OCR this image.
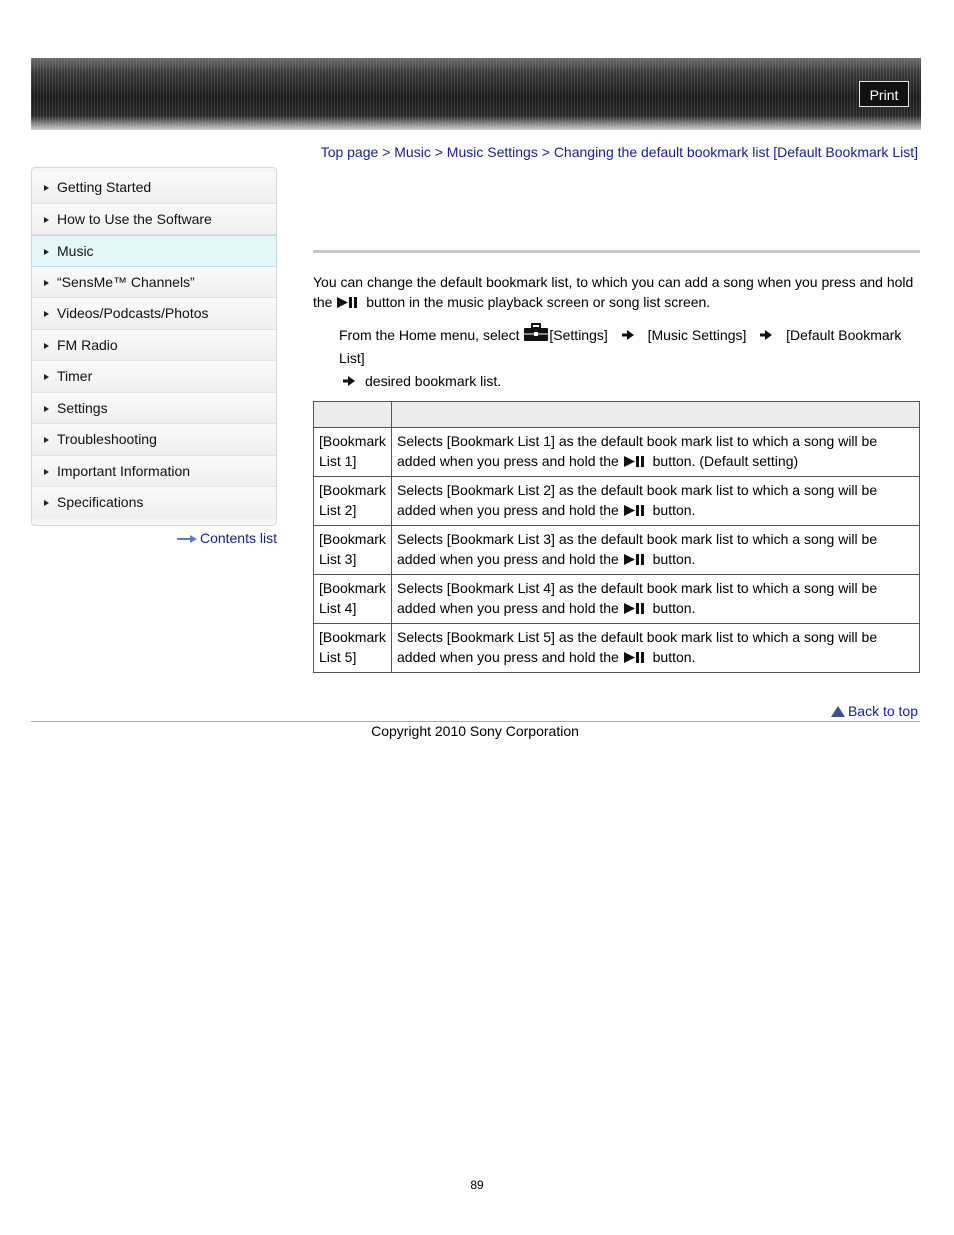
Print
Getting Started
How to Use the Software
Music
“SensMe™ Channels”
Videos/Podcasts/Photos
FM Radio
Timer
Settings
Troubleshooting
Important Information
Specifications
Contents list
Top page > Music > Music Settings > Changing the default bookmark list [Default Bookmark List]
You can change the default bookmark list, to which you can add a song when you press and hold the button in the music playback screen or song list screen.
From the Home menu, select [Settings]	[Music Settings]	[Default Bookmark List]
desired bookmark list.

[Bookmark List 1]	Selects [Bookmark List 1] as the default book mark list to which a song will be added when you press and hold the button. (Default setting)
[Bookmark List 2]	Selects [Bookmark List 2] as the default book mark list to which a song will be added when you press and hold the button.
[Bookmark List 3]	Selects [Bookmark List 3] as the default book mark list to which a song will be added when you press and hold the button.
[Bookmark List 4]	Selects [Bookmark List 4] as the default book mark list to which a song will be added when you press and hold the button.
[Bookmark List 5]	Selects [Bookmark List 5] as the default book mark list to which a song will be added when you press and hold the button.
Back to top
Copyright 2010 Sony Corporation
89
